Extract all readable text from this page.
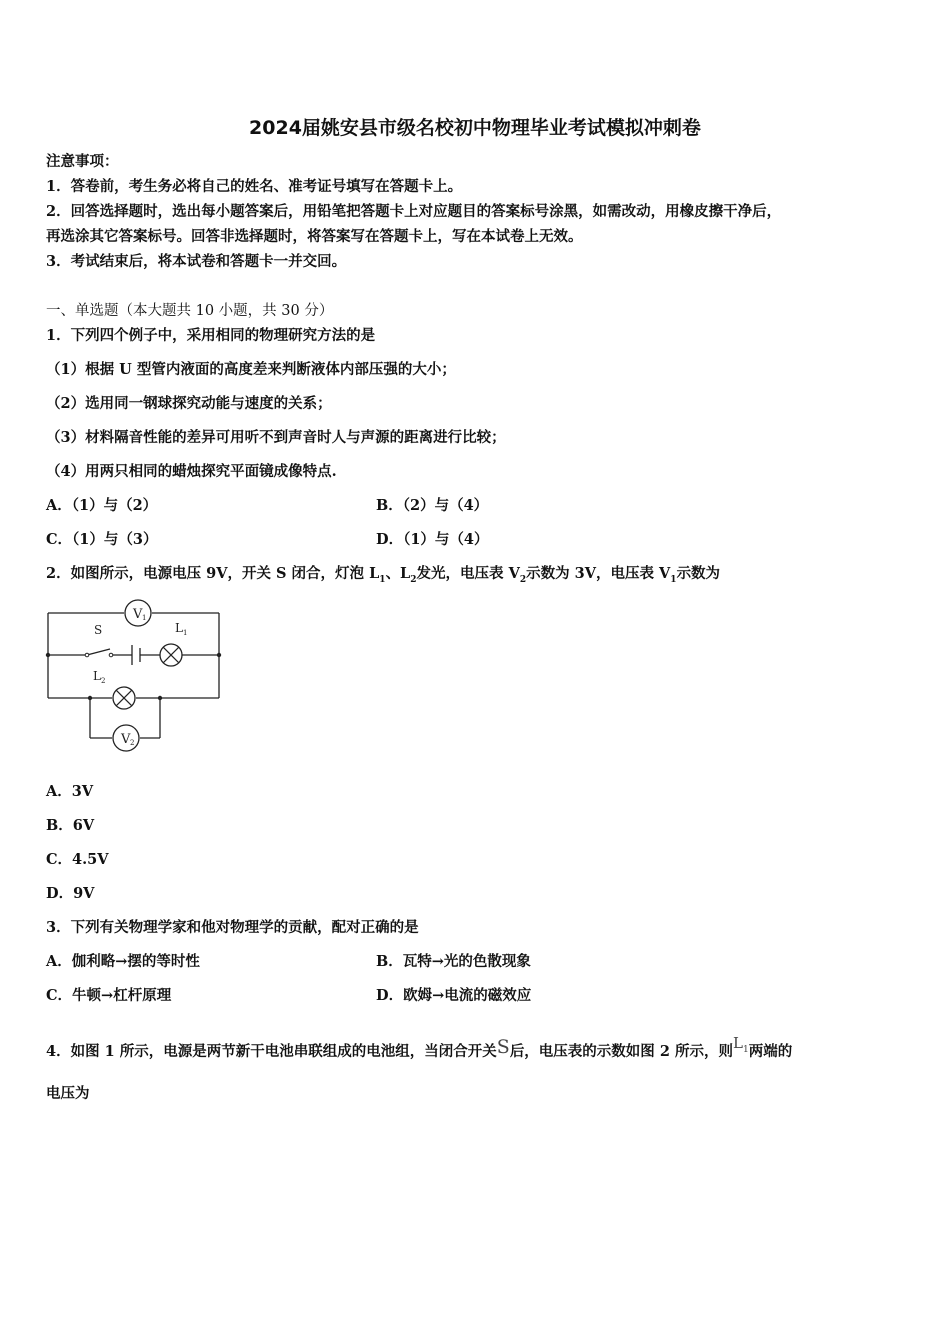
2024届姚安县市级名校初中物理毕业考试模拟冲刺卷
注意事项：
1．答卷前，考生务必将自己的姓名、准考证号填写在答题卡上。
2．回答选择题时，选出每小题答案后，用铅笔把答题卡上对应题目的答案标号涂黑，如需改动，用橡皮擦干净后，
再选涂其它答案标号。回答非选择题时，将答案写在答题卡上，写在本试卷上无效。
3．考试结束后，将本试卷和答题卡一并交回。
一、单选题（本大题共 10 小题，共 30 分）
1．下列四个例子中，采用相同的物理研究方法的是
（1）根据 U 型管内液面的高度差来判断液体内部压强的大小；
（2）选用同一钢球探究动能与速度的关系；
（3）材料隔音性能的差异可用听不到声音时人与声源的距离进行比较；
（4）用两只相同的蜡烛探究平面镜成像特点.
A．（1）与（2）	B．（2）与（4）
C．（1）与（3）	D．（1）与（4）
2．如图所示，电源电压 9V，开关 S 闭合，灯泡 $L_1$、$L_2$发光，电压表 $V_2$示数为 3V，电压表 $V_1$示数为
V 1
V 2
S	L 1
L 2
A．3V
B．6V
C．4.5V
D．9V
3．下列有关物理学家和他对物理学的贡献，配对正确的是
A．伽利略→摆的等时性	B．瓦特→光的色散现象
C．牛顿→杠杆原理	D．欧姆→电流的磁效应
4．如图 1 所示，电源是两节新干电池串联组成的电池组，当闭合开关S后，电压表的示数如图 2 所示，则$L_1$两端的
电压为
